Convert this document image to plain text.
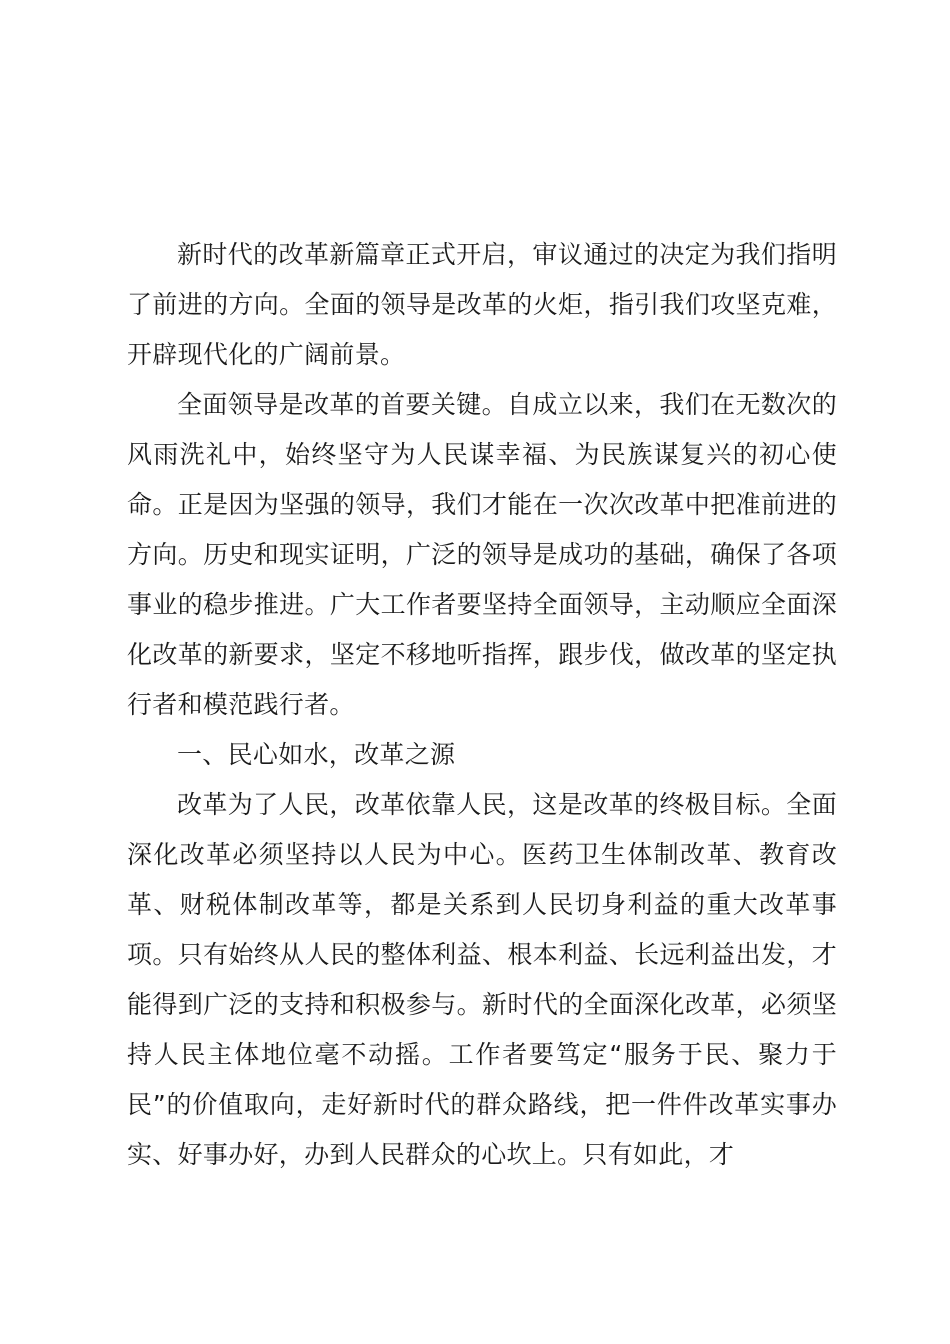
新时代的改革新篇章正式开启，审议通过的决定为我们指明了前进的方向。全面的领导是改革的火炬，指引我们攻坚克难，开辟现代化的广阔前景。

全面领导是改革的首要关键。自成立以来，我们在无数次的风雨洗礼中，始终坚守为人民谋幸福、为民族谋复兴的初心使命。正是因为坚强的领导，我们才能在一次次改革中把准前进的方向。历史和现实证明，广泛的领导是成功的基础，确保了各项事业的稳步推进。广大工作者要坚持全面领导，主动顺应全面深化改革的新要求，坚定不移地听指挥，跟步伐，做改革的坚定执行者和模范践行者。

一、民心如水，改革之源

改革为了人民，改革依靠人民，这是改革的终极目标。全面深化改革必须坚持以人民为中心。医药卫生体制改革、教育改革、财税体制改革等，都是关系到人民切身利益的重大改革事项。只有始终从人民的整体利益、根本利益、长远利益出发，才能得到广泛的支持和积极参与。新时代的全面深化改革，必须坚持人民主体地位毫不动摇。工作者要笃定“服务于民、聚力于民”的价值取向，走好新时代的群众路线，把一件件改革实事办实、好事办好，办到人民群众的心坎上。只有如此，才
